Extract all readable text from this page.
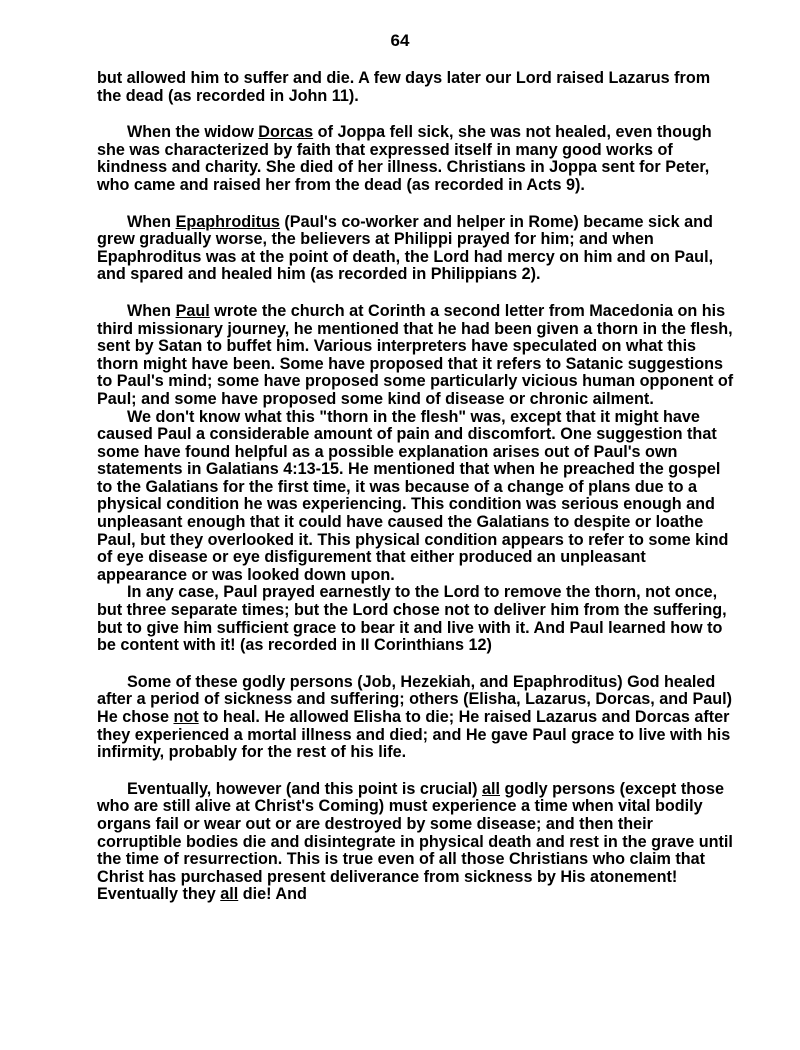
64

but allowed him to suffer and die. A few days later our Lord raised Lazarus from the dead (as recorded in John 11).

When the widow Dorcas of Joppa fell sick, she was not healed, even though she was characterized by faith that expressed itself in many good works of kindness and charity. She died of her illness. Christians in Joppa sent for Peter, who came and raised her from the dead (as recorded in Acts 9).

When Epaphroditus (Paul's co-worker and helper in Rome) became sick and grew gradually worse, the believers at Philippi prayed for him; and when Epaphroditus was at the point of death, the Lord had mercy on him and on Paul, and spared and healed him (as recorded in Philippians 2).

When Paul wrote the church at Corinth a second letter from Macedonia on his third missionary journey, he mentioned that he had been given a thorn in the flesh, sent by Satan to buffet him. Various interpreters have speculated on what this thorn might have been. Some have proposed that it refers to Satanic suggestions to Paul's mind; some have proposed some particularly vicious human opponent of Paul; and some have proposed some kind of disease or chronic ailment.

We don't know what this "thorn in the flesh" was, except that it might have caused Paul a considerable amount of pain and discomfort. One suggestion that some have found helpful as a possible explanation arises out of Paul's own statements in Galatians 4:13-15. He mentioned that when he preached the gospel to the Galatians for the first time, it was because of a change of plans due to a physical condition he was experiencing. This condition was serious enough and unpleasant enough that it could have caused the Galatians to despite or loathe Paul, but they overlooked it. This physical condition appears to refer to some kind of eye disease or eye disfigurement that either produced an unpleasant appearance or was looked down upon.

In any case, Paul prayed earnestly to the Lord to remove the thorn, not once, but three separate times; but the Lord chose not to deliver him from the suffering, but to give him sufficient grace to bear it and live with it. And Paul learned how to be content with it! (as recorded in II Corinthians 12)

Some of these godly persons (Job, Hezekiah, and Epaphroditus) God healed after a period of sickness and suffering; others (Elisha, Lazarus, Dorcas, and Paul) He chose not to heal. He allowed Elisha to die; He raised Lazarus and Dorcas after they experienced a mortal illness and died; and He gave Paul grace to live with his infirmity, probably for the rest of his life.

Eventually, however (and this point is crucial) all godly persons (except those who are still alive at Christ's Coming) must experience a time when vital bodily organs fail or wear out or are destroyed by some disease; and then their corruptible bodies die and disintegrate in physical death and rest in the grave until the time of resurrection. This is true even of all those Christians who claim that Christ has purchased present deliverance from sickness by His atonement! Eventually they all die! And
